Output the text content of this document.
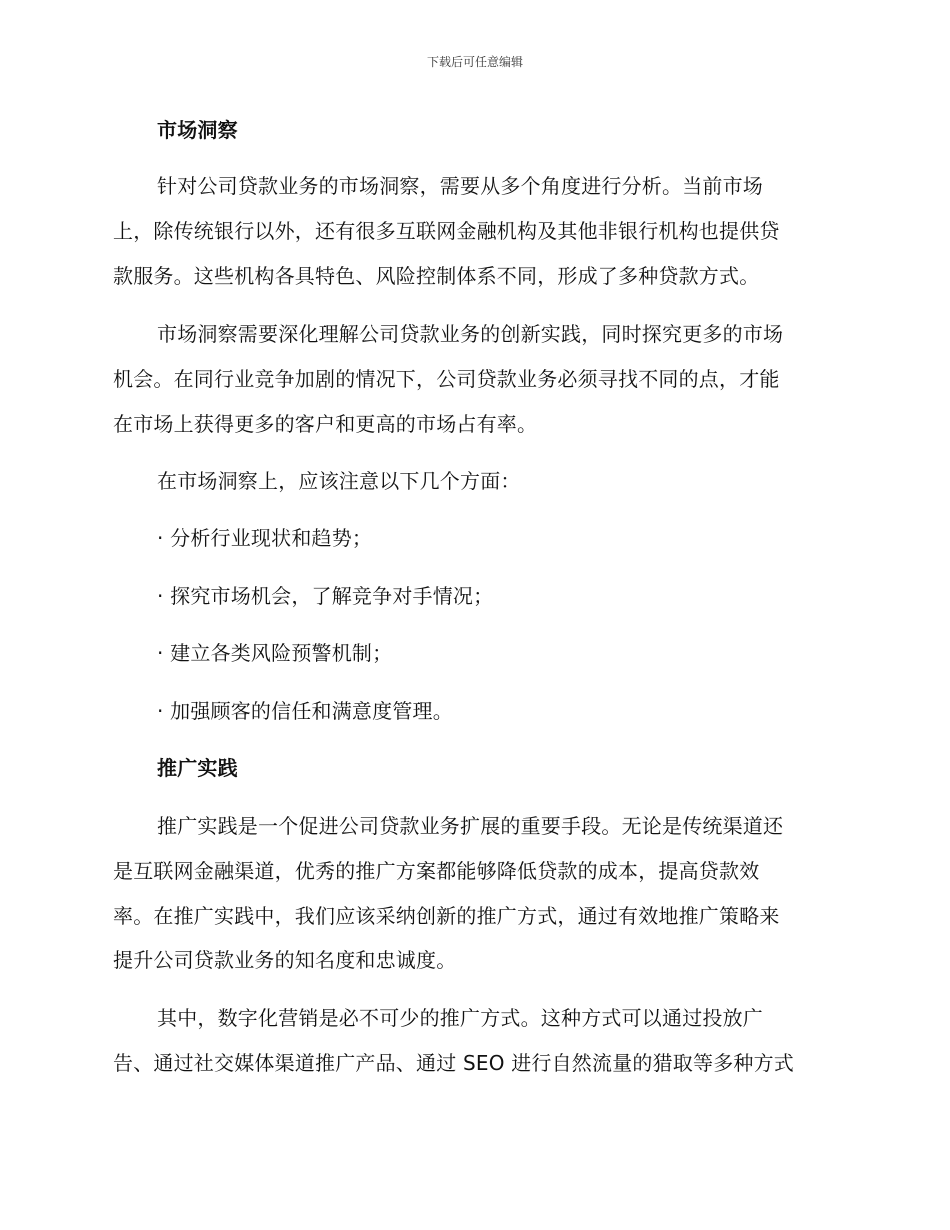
下载后可任意编辑
市场洞察
针对公司贷款业务的市场洞察，需要从多个角度进行分析。当前市场
上，除传统银行以外，还有很多互联网金融机构及其他非银行机构也提供贷
款服务。这些机构各具特色、风险控制体系不同，形成了多种贷款方式。
市场洞察需要深化理解公司贷款业务的创新实践，同时探究更多的市场
机会。在同行业竞争加剧的情况下，公司贷款业务必须寻找不同的点，才能
在市场上获得更多的客户和更高的市场占有率。
在市场洞察上，应该注意以下几个方面：
· 分析行业现状和趋势；
· 探究市场机会，了解竞争对手情况；
· 建立各类风险预警机制；
· 加强顾客的信任和满意度管理。
推广实践
推广实践是一个促进公司贷款业务扩展的重要手段。无论是传统渠道还
是互联网金融渠道，优秀的推广方案都能够降低贷款的成本，提高贷款效
率。在推广实践中，我们应该采纳创新的推广方式，通过有效地推广策略来
提升公司贷款业务的知名度和忠诚度。
其中，数字化营销是必不可少的推广方式。这种方式可以通过投放广
告、通过社交媒体渠道推广产品、通过 SEO 进行自然流量的猎取等多种方式
